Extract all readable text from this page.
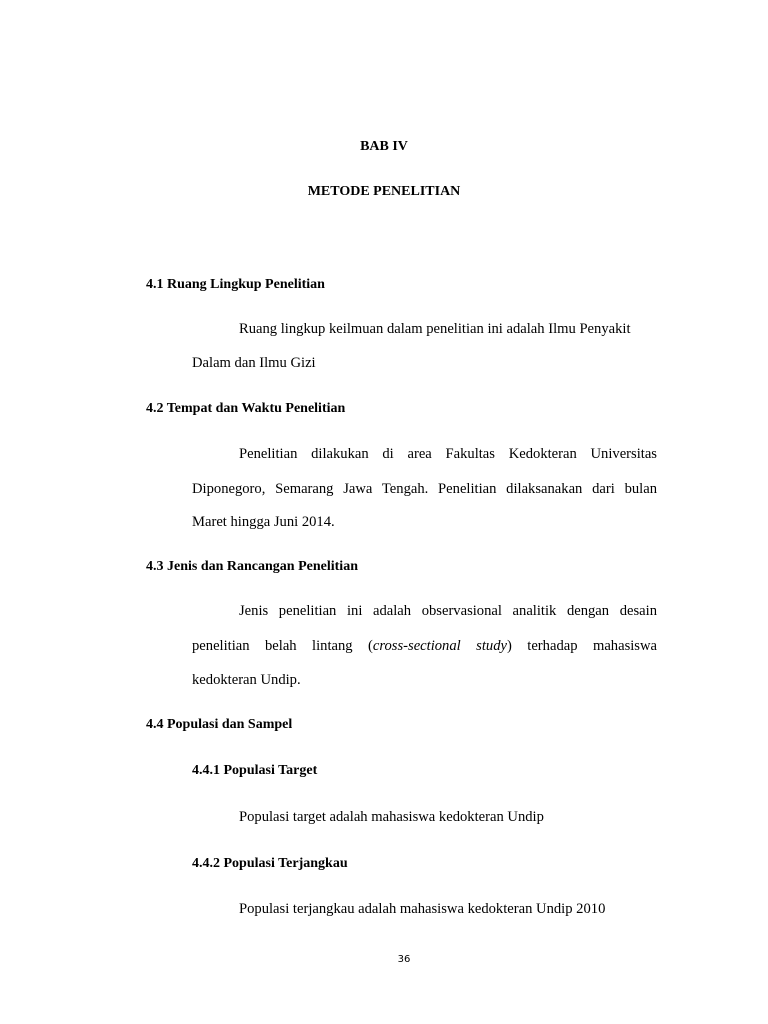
BAB IV
METODE PENELITIAN
4.1 Ruang Lingkup Penelitian
Ruang lingkup keilmuan dalam penelitian ini adalah Ilmu Penyakit
Dalam dan Ilmu Gizi
4.2 Tempat dan Waktu Penelitian
Penelitian dilakukan di area Fakultas Kedokteran Universitas
Diponegoro, Semarang Jawa Tengah. Penelitian dilaksanakan dari bulan
Maret hingga Juni 2014.
4.3 Jenis dan Rancangan Penelitian
Jenis penelitian ini adalah observasional analitik dengan desain
penelitian belah lintang (cross-sectional study) terhadap mahasiswa
kedokteran Undip.
4.4 Populasi dan Sampel
4.4.1 Populasi Target
Populasi target adalah mahasiswa kedokteran Undip
4.4.2 Populasi Terjangkau
Populasi terjangkau adalah mahasiswa kedokteran Undip 2010
36
